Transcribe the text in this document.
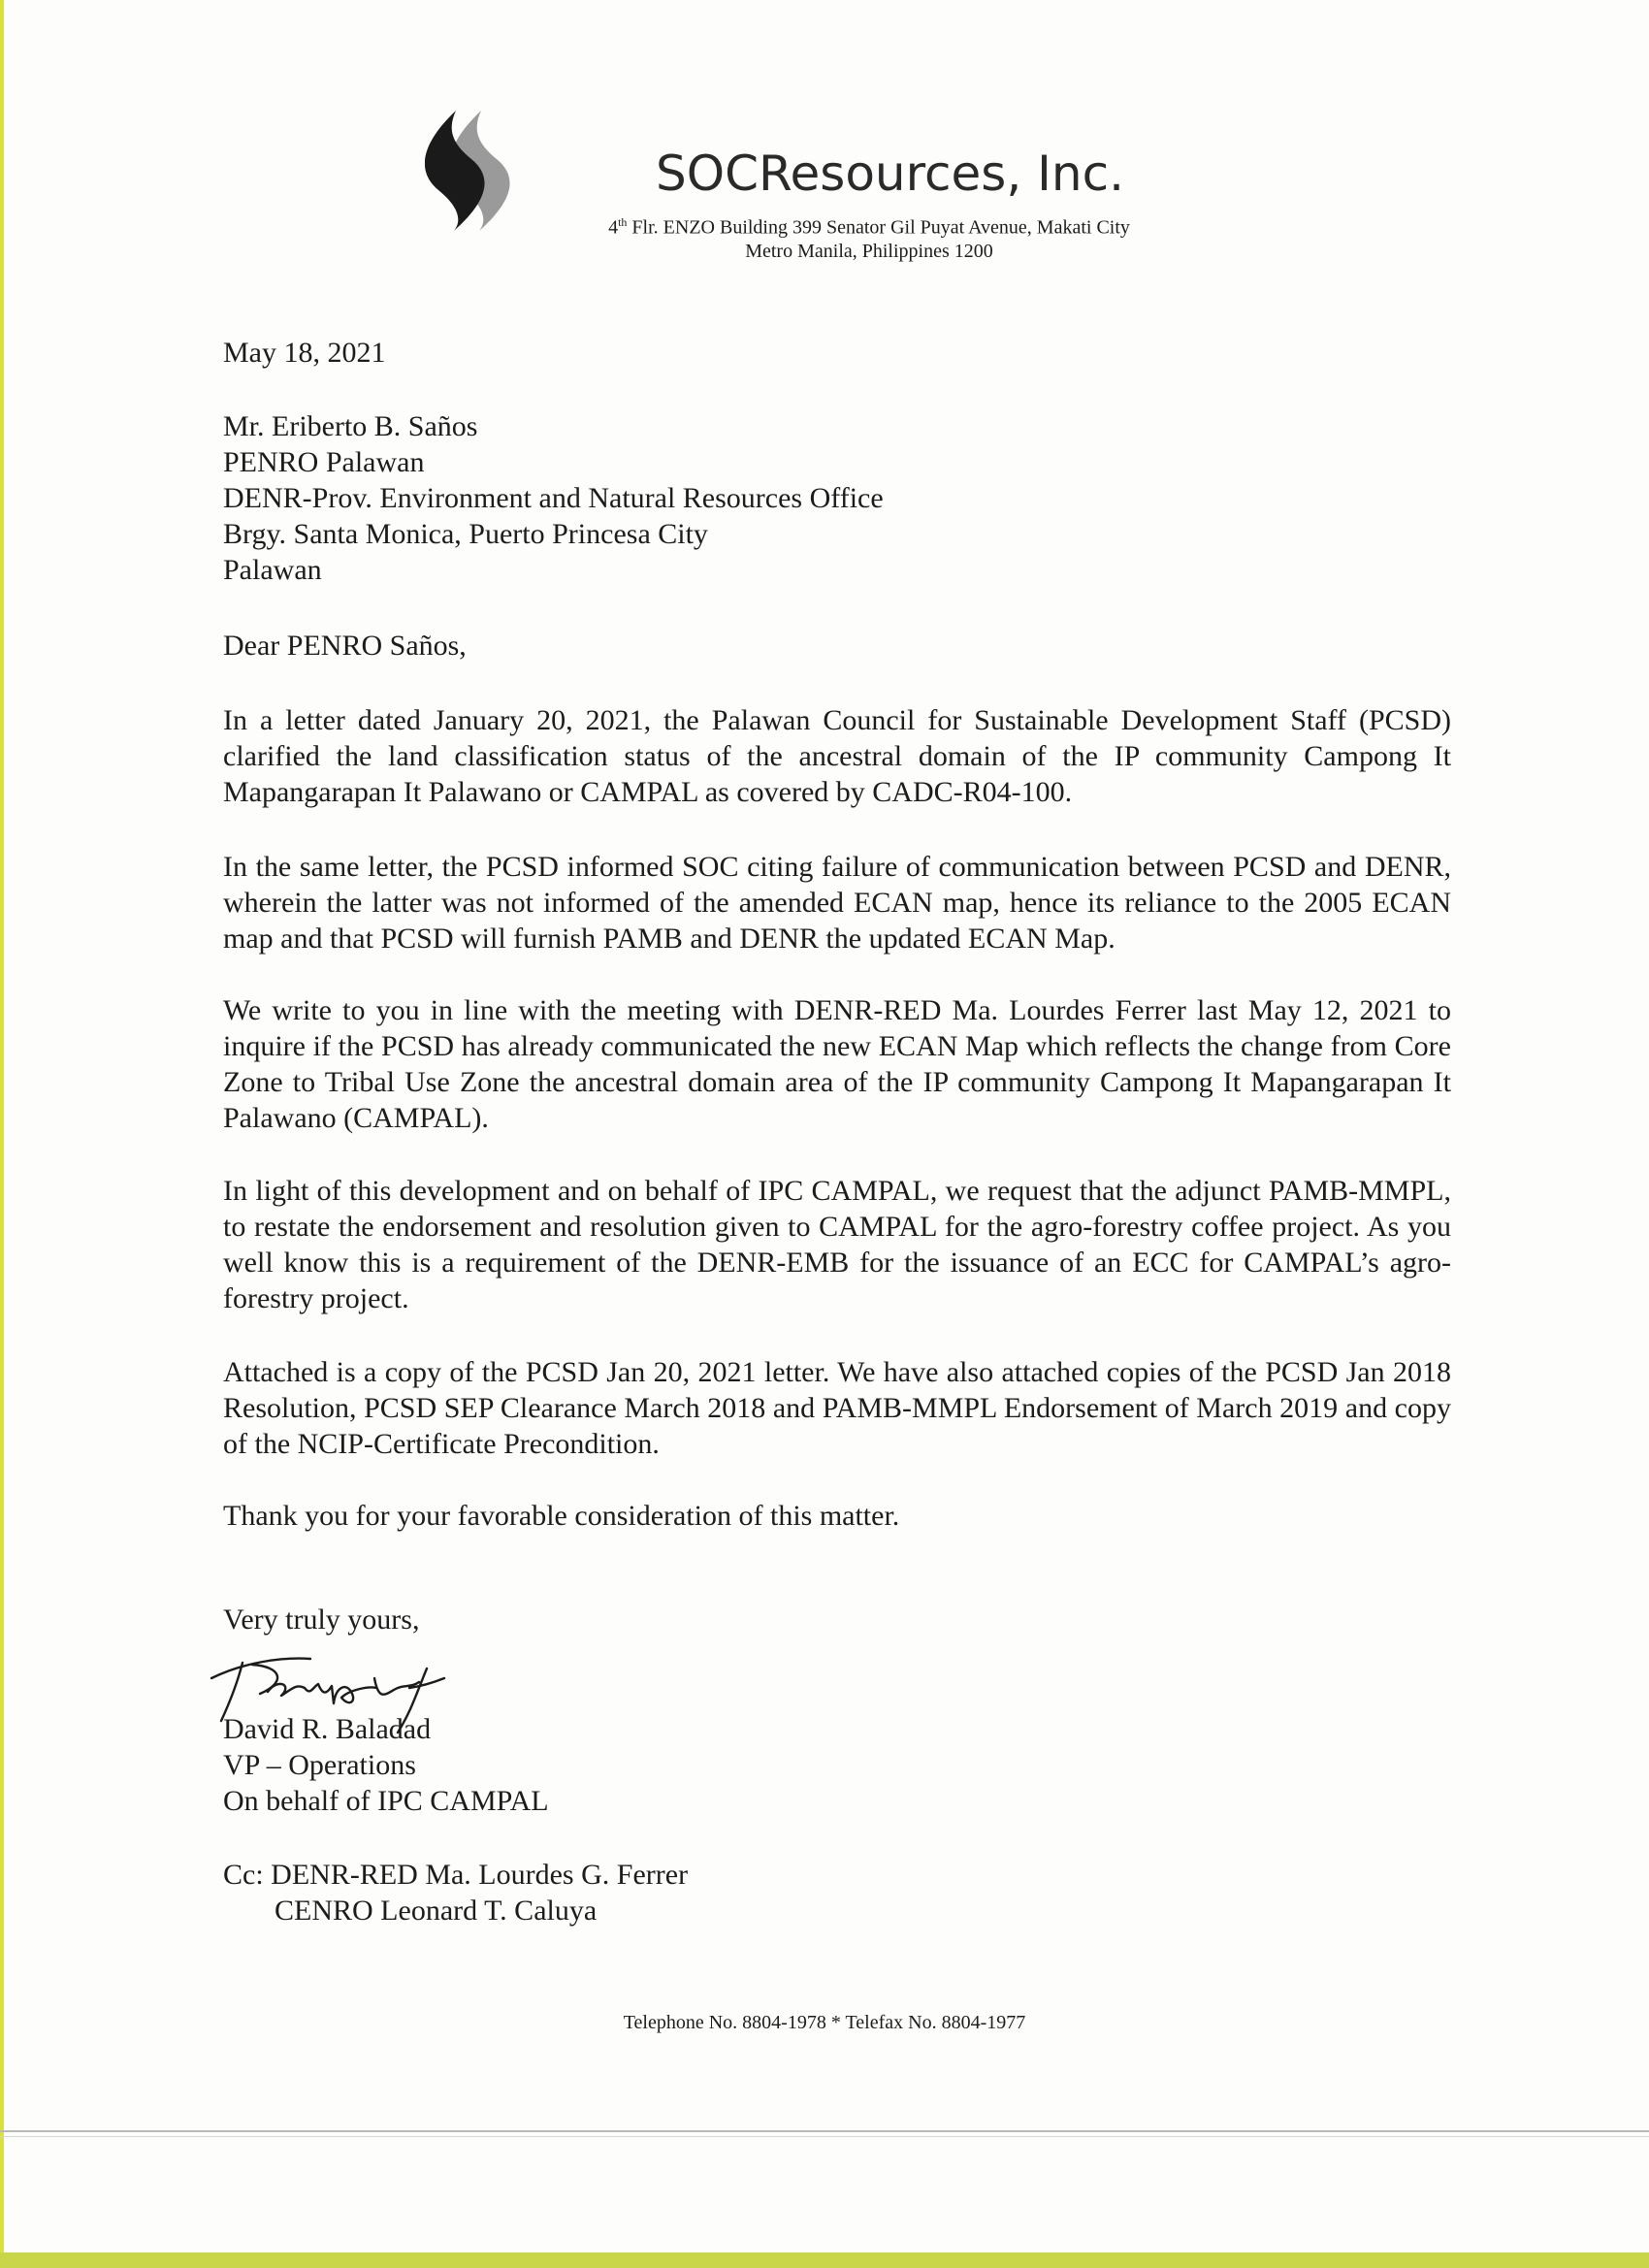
SOCResources, Inc.
4th Flr. ENZO Building 399 Senator Gil Puyat Avenue, Makati City
Metro Manila, Philippines 1200
May 18, 2021
Mr. Eriberto B. Saños
PENRO Palawan
DENR-Prov. Environment and Natural Resources Office
Brgy. Santa Monica, Puerto Princesa City
Palawan
Dear PENRO Saños,
In a letter dated January 20, 2021, the Palawan Council for Sustainable Development Staff (PCSD) clarified the land classification status of the ancestral domain of the IP community Campong It Mapangarapan It Palawano or CAMPAL as covered by CADC-R04-100.
In the same letter, the PCSD informed SOC citing failure of communication between PCSD and DENR, wherein the latter was not informed of the amended ECAN map, hence its reliance to the 2005 ECAN map and that PCSD will furnish PAMB and DENR the updated ECAN Map.
We write to you in line with the meeting with DENR-RED Ma. Lourdes Ferrer last May 12, 2021 to inquire if the PCSD has already communicated the new ECAN Map which reflects the change from Core Zone to Tribal Use Zone the ancestral domain area of the IP community Campong It Mapangarapan It Palawano (CAMPAL).
In light of this development and on behalf of IPC CAMPAL, we request that the adjunct PAMB-MMPL, to restate the endorsement and resolution given to CAMPAL for the agro-forestry coffee project. As you well know this is a requirement of the DENR-EMB for the issuance of an ECC for CAMPAL’s agro-forestry project.
Attached is a copy of the PCSD Jan 20, 2021 letter. We have also attached copies of the PCSD Jan 2018 Resolution, PCSD SEP Clearance March 2018 and PAMB-MMPL Endorsement of March 2019 and copy of the NCIP-Certificate Precondition.
Thank you for your favorable consideration of this matter.
Very truly yours,
David R. Baladad
VP – Operations
On behalf of IPC CAMPAL
Cc: DENR-RED Ma. Lourdes G. Ferrer
CENRO Leonard T. Caluya
Telephone No. 8804-1978 * Telefax No. 8804-1977
